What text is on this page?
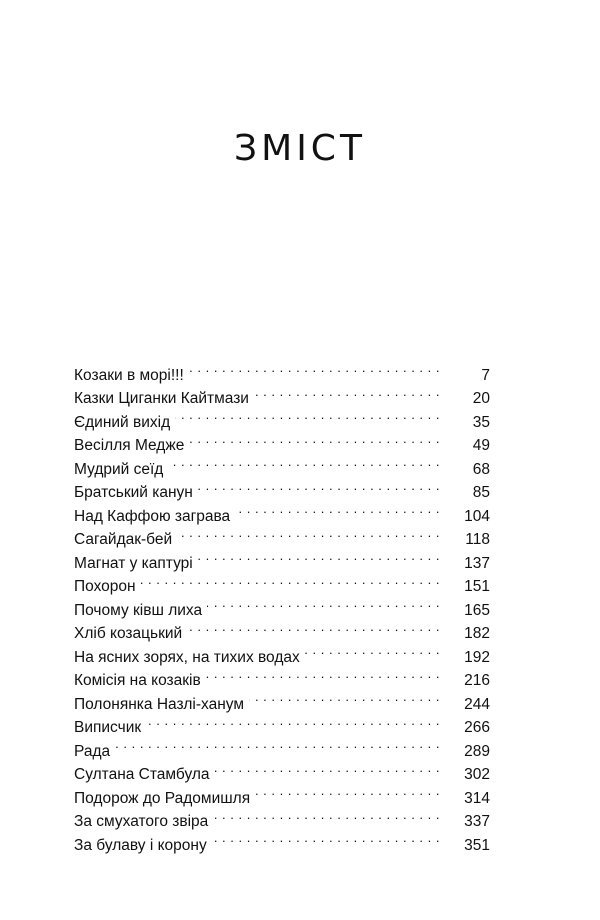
ЗМІСТ
Козаки в морі!!! . . .	7
Казки Циганки Кайтмази . . .	20
Єдиний вихід . . .	35
Весілля Медже . . .	49
Мудрий сеїд . . .	68
Братський канун . . .	85
Над Каффою заграва . . .	104
Сагайдак-бей . . .	118
Магнат у каптурі . . .	137
Похорон . . .	151
Почому ківш лиха . . .	165
Хліб козацький . . .	182
На ясних зорях, на тихих водах . . .	192
Комісія на козаків . . .	216
Полонянка Назлі-ханум . . .	244
Виписчик . . .	266
Рада . . .	289
Султана Стамбула . . .	302
Подорож до Радомишля . . .	314
За смухатого звіра . . .	337
За булаву і корону . . .	351
